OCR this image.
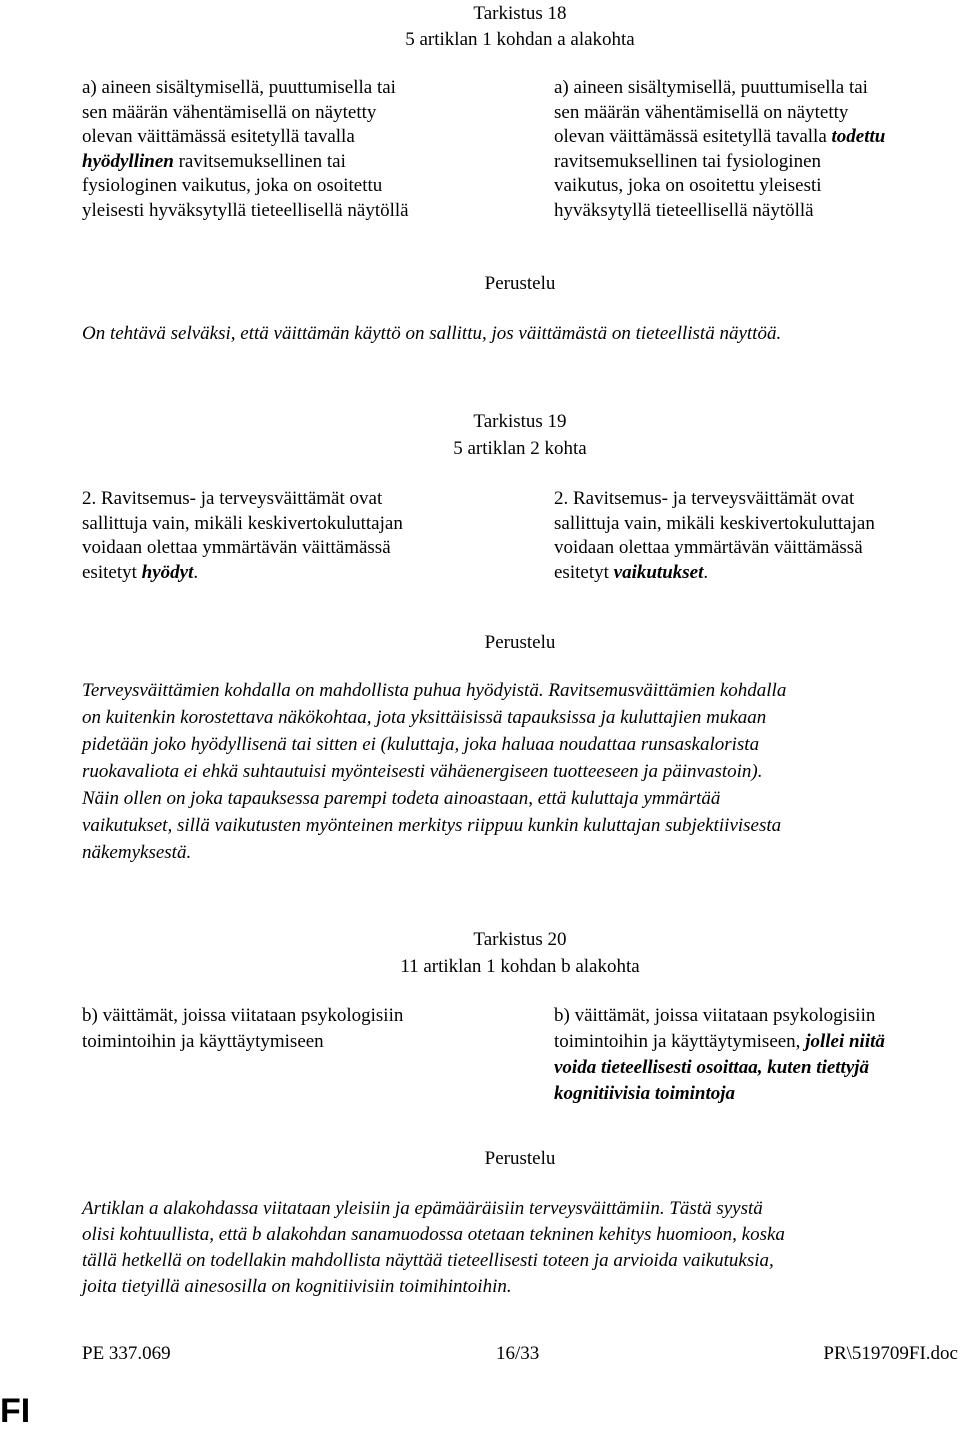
Tarkistus 18
5 artiklan 1 kohdan a alakohta
a) aineen sisältymisellä, puuttumisella tai
sen määrän vähentämisellä on näytetty
olevan väittämässä esitetyllä tavalla
hyödyllinen ravitsemuksellinen tai
fysiologinen vaikutus, joka on osoitettu
yleisesti hyväksytyllä tieteellisellä näytöllä
a) aineen sisältymisellä, puuttumisella tai
sen määrän vähentämisellä on näytetty
olevan väittämässä esitetyllä tavalla todettu
ravitsemuksellinen tai fysiologinen
vaikutus, joka on osoitettu yleisesti
hyväksytyllä tieteellisellä näytöllä
Perustelu
On tehtävä selväksi, että väittämän käyttö on sallittu, jos väittämästä on tieteellistä näyttöä.
Tarkistus 19
5 artiklan 2 kohta
2. Ravitsemus- ja terveysväittämät ovat
sallittuja vain, mikäli keskivertokuluttajan
voidaan olettaa ymmärtävän väittämässä
esitetyt hyödyt.
2. Ravitsemus- ja terveysväittämät ovat
sallittuja vain, mikäli keskivertokuluttajan
voidaan olettaa ymmärtävän väittämässä
esitetyt vaikutukset.
Perustelu
Terveysväittämien kohdalla on mahdollista puhua hyödyistä. Ravitsemusväittämien kohdalla
on kuitenkin korostettava näkökohtaa, jota yksittäisissä tapauksissa ja kuluttajien mukaan
pidetään joko hyödyllisenä tai sitten ei (kuluttaja, joka haluaa noudattaa runsaskalorista
ruokavaliota ei ehkä suhtautuisi myönteisesti vähäenergiseen tuotteeseen ja päinvastoin).
Näin ollen on joka tapauksessa parempi todeta ainoastaan, että kuluttaja ymmärtää
vaikutukset, sillä vaikutusten myönteinen merkitys riippuu kunkin kuluttajan subjektiivisesta
näkemyksestä.
Tarkistus 20
11 artiklan 1 kohdan b alakohta
b) väittämät, joissa viitataan psykologisiin
toimintoihin ja käyttäytymiseen
b) väittämät, joissa viitataan psykologisiin
toimintoihin ja käyttäytymiseen, jollei niitä
voida tieteellisesti osoittaa, kuten tiettyjä
kognitiivisia toimintoja
Perustelu
Artiklan a alakohdassa viitataan yleisiin ja epämääräisiin terveysväittämiin. Tästä syystä
olisi kohtuullista, että b alakohdan sanamuodossa otetaan tekninen kehitys huomioon, koska
tällä hetkellä on todellakin mahdollista näyttää tieteellisesti toteen ja arvioida vaikutuksia,
joita tietyillä ainesosilla on kognitiivisiin toimihintoihin.
PE 337.069	16/33	PR\519709FI.doc
FI
